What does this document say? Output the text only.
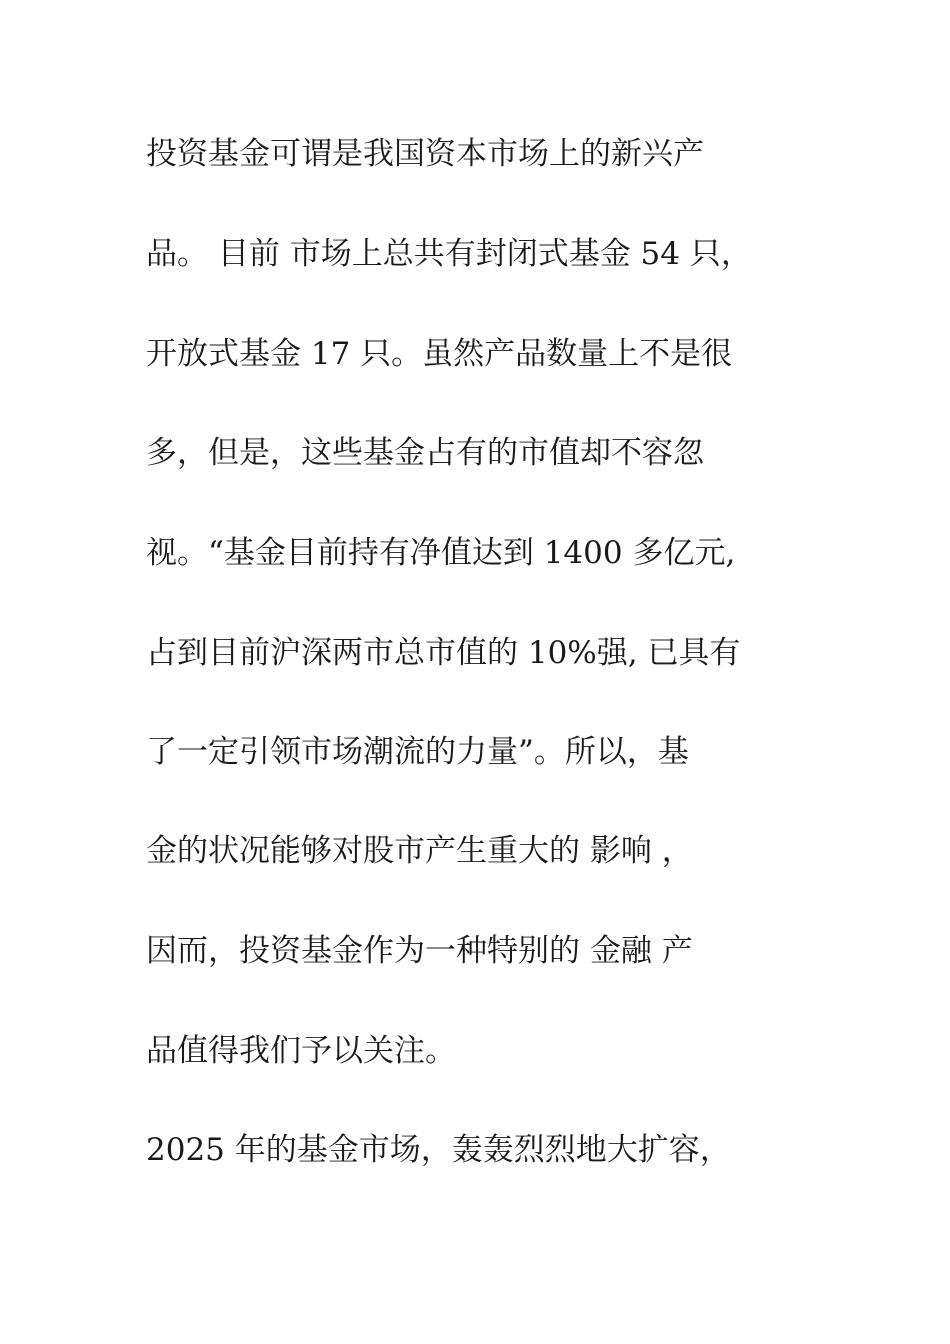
投资基金可谓是我国资本市场上的新兴产
品。 目前 市场上总共有封闭式基金 54 只，
开放式基金 17 只。虽然产品数量上不是很
多，但是，这些基金占有的市值却不容忽
视。“基金目前持有净值达到 1400 多亿元,
占到目前沪深两市总市值的 10%强, 已具有
了一定引领市场潮流的力量”。所以，基
金的状况能够对股市产生重大的 影响 ，
因而，投资基金作为一种特别的 金融 产
品值得我们予以关注。
2025 年的基金市场，轰轰烈烈地大扩容，
